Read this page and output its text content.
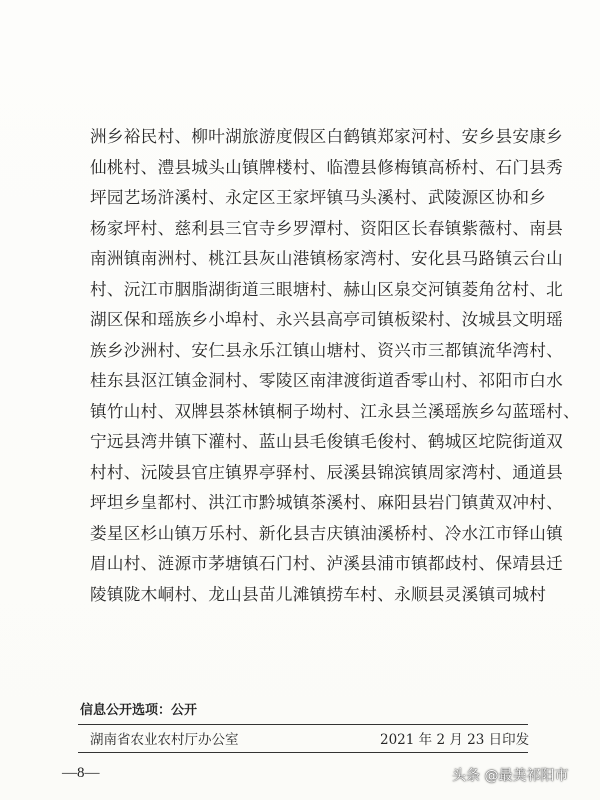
洲乡裕民村、柳叶湖旅游度假区白鹤镇郑家河村、安乡县安康乡
仙桃村、澧县城头山镇牌楼村、临澧县修梅镇高桥村、石门县秀
坪园艺场浒溪村、永定区王家坪镇马头溪村、武陵源区协和乡
杨家坪村、慈利县三官寺乡罗潭村、资阳区长春镇紫薇村、南县
南洲镇南洲村、桃江县灰山港镇杨家湾村、安化县马路镇云台山
村、沅江市胭脂湖街道三眼塘村、赫山区泉交河镇菱角岔村、北
湖区保和瑶族乡小埠村、永兴县高亭司镇板梁村、汝城县文明瑶
族乡沙洲村、安仁县永乐江镇山塘村、资兴市三都镇流华湾村、
桂东县沤江镇金洞村、零陵区南津渡街道香零山村、祁阳市白水
镇竹山村、双牌县茶林镇桐子坳村、江永县兰溪瑶族乡勾蓝瑶村、
宁远县湾井镇下灌村、蓝山县毛俊镇毛俊村、鹤城区坨院街道双
村村、沅陵县官庄镇界亭驿村、辰溪县锦滨镇周家湾村、通道县
坪坦乡皇都村、洪江市黔城镇茶溪村、麻阳县岩门镇黄双冲村、
娄星区杉山镇万乐村、新化县吉庆镇油溪桥村、冷水江市铎山镇
眉山村、涟源市茅塘镇石门村、泸溪县浦市镇都歧村、保靖县迁
陵镇陇木峒村、龙山县苗儿滩镇捞车村、永顺县灵溪镇司城村
信息公开选项：公开
湖南省农业农村厅办公室	2021 年 2 月 23 日印发
—8—	头条 @最美祁阳市
